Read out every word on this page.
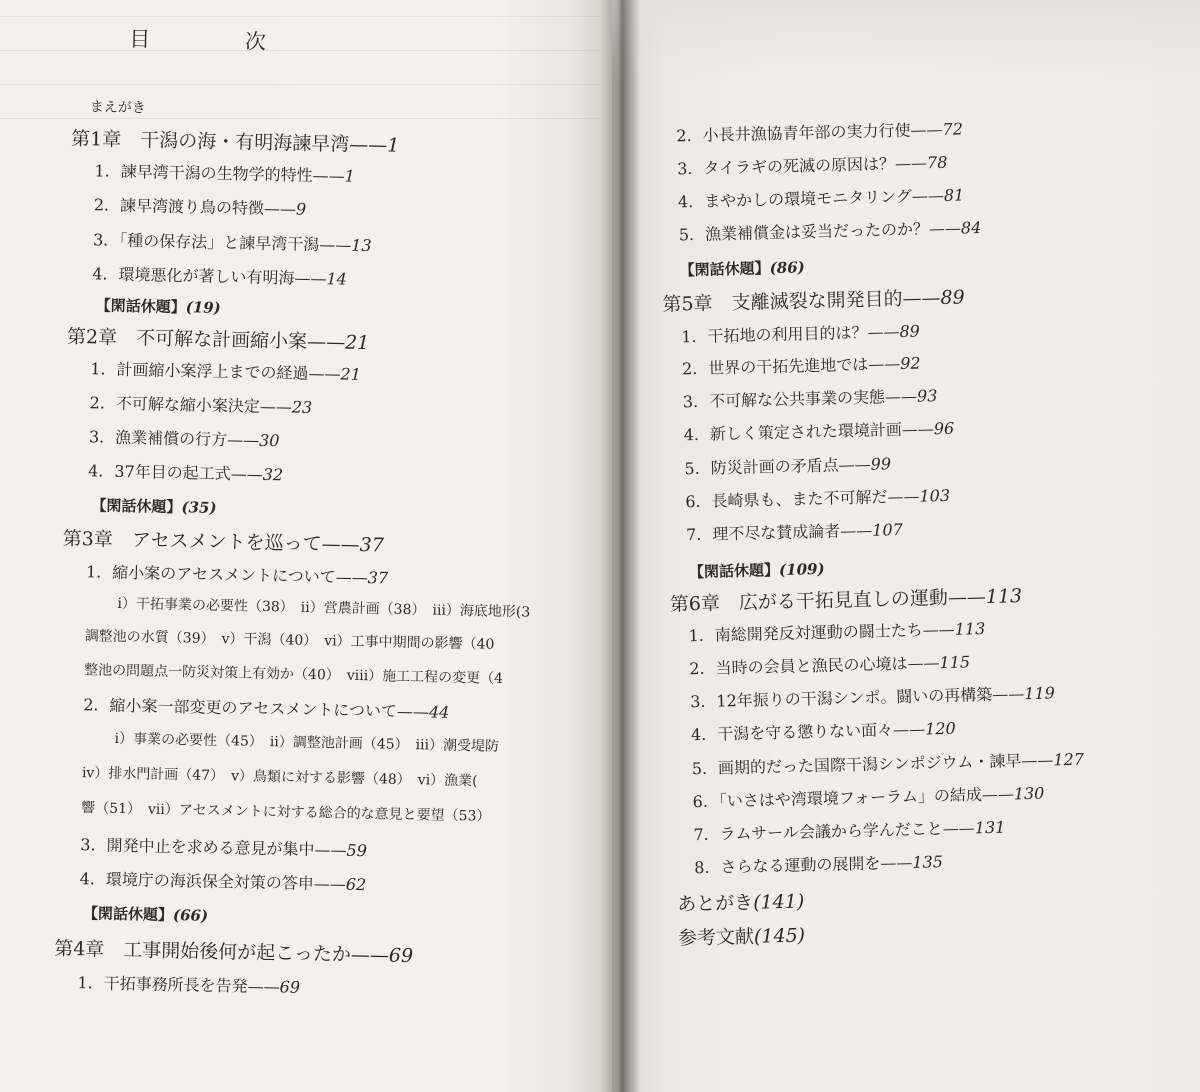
目 次
まえがき
第1章　干潟の海・有明海諫早湾——1
1．諫早湾干潟の生物学的特性——1
2．諫早湾渡り鳥の特徴——9
3．「種の保存法」と諫早湾干潟——13
4．環境悪化が著しい有明海——14
【閑話休題】(19)
第2章　不可解な計画縮小案——21
1．計画縮小案浮上までの経過——21
2．不可解な縮小案決定——23
3．漁業補償の行方——30
4．37年目の起工式——32
【閑話休題】(35)
第3章　アセスメントを巡って——37
1．縮小案のアセスメントについて——37
i）干拓事業の必要性（38）　ii）営農計画（38）　iii）海底地形(3
調整池の水質（39）　v）干潟（40）　vi）工事中期間の影響（40
整池の問題点一防災対策上有効か（40）　viii）施工工程の変更（4
2．縮小案一部変更のアセスメントについて——44
i）事業の必要性（45）　ii）調整池計画（45）　iii）潮受堤防
iv）排水門計画（47）　v）鳥類に対する影響（48）　vi）漁業(
響（51）　vii）アセスメントに対する総合的な意見と要望（53）
3．開発中止を求める意見が集中——59
4．環境庁の海浜保全対策の答申——62
【閑話休題】(66)
第4章　工事開始後何が起こったか——69
1．干拓事務所長を告発——69
2．小長井漁協青年部の実力行使——72
3．タイラギの死滅の原因は？——78
4．まやかしの環境モニタリング——81
5．漁業補償金は妥当だったのか？——84
【閑話休題】(86)
第5章　支離滅裂な開発目的——89
1．干拓地の利用目的は？——89
2．世界の干拓先進地では——92
3．不可解な公共事業の実態——93
4．新しく策定された環境計画——96
5．防災計画の矛盾点——99
6．長崎県も、また不可解だ——103
7．理不尽な賛成論者——107
【閑話休題】(109)
第6章　広がる干拓見直しの運動——113
1．南総開発反対運動の闘士たち——113
2．当時の会員と漁民の心境は——115
3．12年振りの干潟シンポ。闘いの再構築——119
4．干潟を守る懲りない面々——120
5．画期的だった国際干潟シンポジウム・諫早——127
6．「いさはや湾環境フォーラム」の結成——130
7．ラムサール会議から学んだこと——131
8．さらなる運動の展開を——135
あとがき(141)
参考文献(145)
